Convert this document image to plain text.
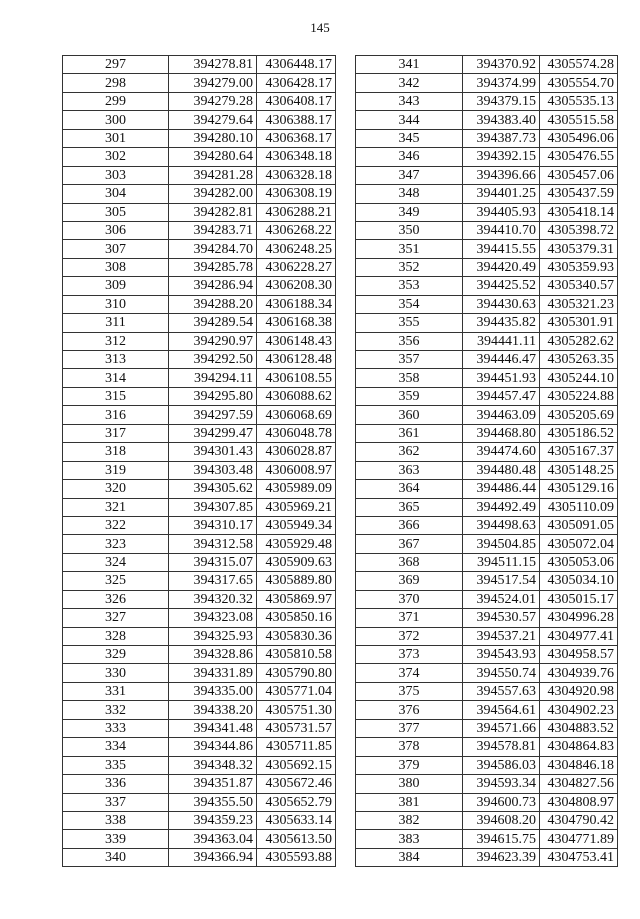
145
297	394278.81	4306448.17
298	394279.00	4306428.17
299	394279.28	4306408.17
300	394279.64	4306388.17
301	394280.10	4306368.17
302	394280.64	4306348.18
303	394281.28	4306328.18
304	394282.00	4306308.19
305	394282.81	4306288.21
306	394283.71	4306268.22
307	394284.70	4306248.25
308	394285.78	4306228.27
309	394286.94	4306208.30
310	394288.20	4306188.34
311	394289.54	4306168.38
312	394290.97	4306148.43
313	394292.50	4306128.48
314	394294.11	4306108.55
315	394295.80	4306088.62
316	394297.59	4306068.69
317	394299.47	4306048.78
318	394301.43	4306028.87
319	394303.48	4306008.97
320	394305.62	4305989.09
321	394307.85	4305969.21
322	394310.17	4305949.34
323	394312.58	4305929.48
324	394315.07	4305909.63
325	394317.65	4305889.80
326	394320.32	4305869.97
327	394323.08	4305850.16
328	394325.93	4305830.36
329	394328.86	4305810.58
330	394331.89	4305790.80
331	394335.00	4305771.04
332	394338.20	4305751.30
333	394341.48	4305731.57
334	394344.86	4305711.85
335	394348.32	4305692.15
336	394351.87	4305672.46
337	394355.50	4305652.79
338	394359.23	4305633.14
339	394363.04	4305613.50
340	394366.94	4305593.88
341	394370.92	4305574.28
342	394374.99	4305554.70
343	394379.15	4305535.13
344	394383.40	4305515.58
345	394387.73	4305496.06
346	394392.15	4305476.55
347	394396.66	4305457.06
348	394401.25	4305437.59
349	394405.93	4305418.14
350	394410.70	4305398.72
351	394415.55	4305379.31
352	394420.49	4305359.93
353	394425.52	4305340.57
354	394430.63	4305321.23
355	394435.82	4305301.91
356	394441.11	4305282.62
357	394446.47	4305263.35
358	394451.93	4305244.10
359	394457.47	4305224.88
360	394463.09	4305205.69
361	394468.80	4305186.52
362	394474.60	4305167.37
363	394480.48	4305148.25
364	394486.44	4305129.16
365	394492.49	4305110.09
366	394498.63	4305091.05
367	394504.85	4305072.04
368	394511.15	4305053.06
369	394517.54	4305034.10
370	394524.01	4305015.17
371	394530.57	4304996.28
372	394537.21	4304977.41
373	394543.93	4304958.57
374	394550.74	4304939.76
375	394557.63	4304920.98
376	394564.61	4304902.23
377	394571.66	4304883.52
378	394578.81	4304864.83
379	394586.03	4304846.18
380	394593.34	4304827.56
381	394600.73	4304808.97
382	394608.20	4304790.42
383	394615.75	4304771.89
384	394623.39	4304753.41
